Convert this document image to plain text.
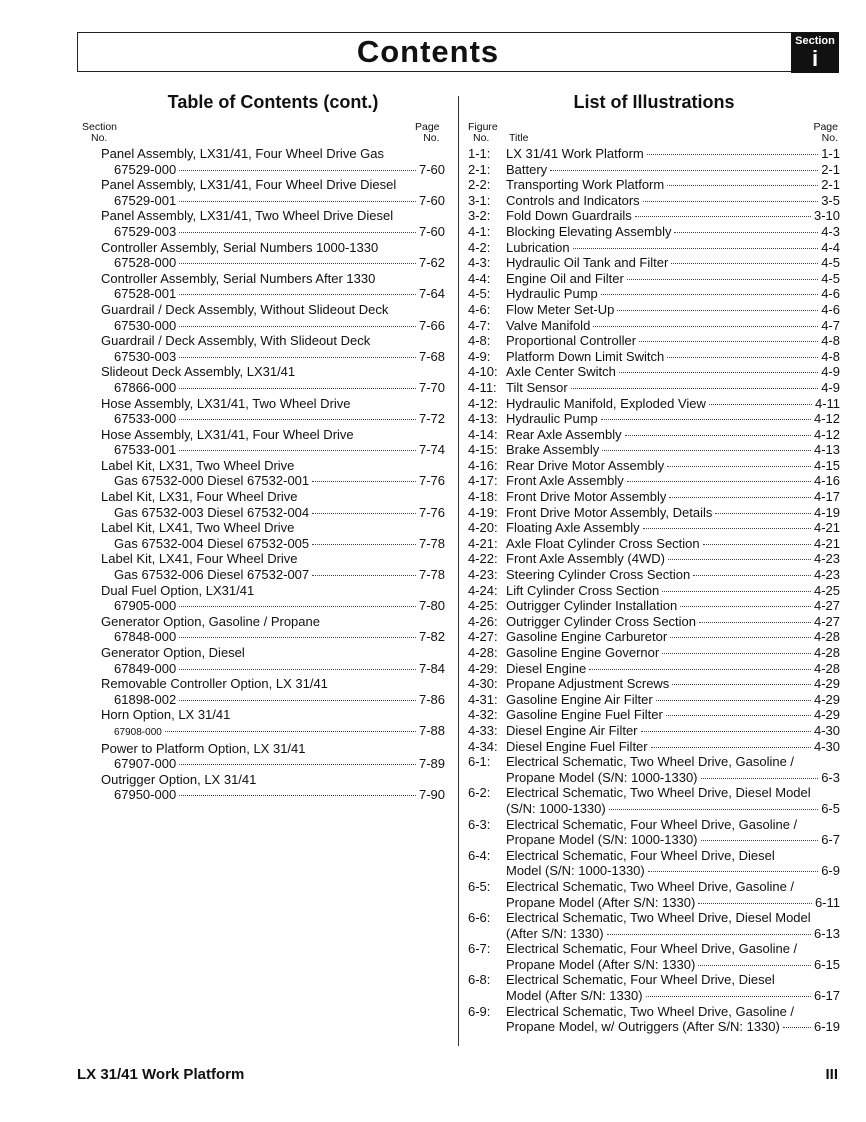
Contents	Section
i
Table of Contents (cont.)	List of Illustrations
Section
No.
Page
No.
Figure
No.	Title
Page
No.
Panel Assembly, LX31/41, Four Wheel Drive Gas
67529-000	7-60
Panel Assembly, LX31/41, Four Wheel Drive Diesel
67529-001	7-60
Panel Assembly, LX31/41, Two Wheel Drive Diesel
67529-003	7-60
Controller Assembly, Serial Numbers 1000-1330
67528-000	7-62
Controller Assembly, Serial Numbers After 1330
67528-001	7-64
Guardrail / Deck Assembly, Without Slideout Deck
67530-000	7-66
Guardrail / Deck Assembly, With Slideout Deck
67530-003	7-68
Slideout Deck Assembly, LX31/41
67866-000	7-70
Hose Assembly, LX31/41, Two Wheel Drive
67533-000	7-72
Hose Assembly, LX31/41, Four Wheel Drive
67533-001	7-74
Label Kit, LX31, Two Wheel Drive
Gas 67532-000 Diesel 67532-001	7-76
Label Kit, LX31, Four Wheel Drive
Gas 67532-003 Diesel 67532-004	7-76
Label Kit, LX41, Two Wheel Drive
Gas 67532-004 Diesel 67532-005	7-78
Label Kit, LX41, Four Wheel Drive
Gas 67532-006 Diesel 67532-007	7-78
Dual Fuel Option, LX31/41
67905-000	7-80
Generator Option, Gasoline / Propane
67848-000	7-82
Generator Option, Diesel
67849-000	7-84
Removable Controller Option, LX 31/41
61898-002	7-86
Horn Option, LX 31/41
67908-000	7-88
Power to Platform Option, LX 31/41
67907-000	7-89
Outrigger Option, LX 31/41
67950-000	7-90
1-1:	LX 31/41 Work Platform	1-1
2-1:	Battery	2-1
2-2:	Transporting Work Platform	2-1
3-1:	Controls and Indicators	3-5
3-2:	Fold Down Guardrails	3-10
4-1:	Blocking Elevating Assembly	4-3
4-2:	Lubrication	4-4
4-3:	Hydraulic Oil Tank and Filter	4-5
4-4:	Engine Oil and Filter	4-5
4-5:	Hydraulic Pump	4-6
4-6:	Flow Meter Set-Up	4-6
4-7:	Valve Manifold	4-7
4-8:	Proportional Controller	4-8
4-9:	Platform Down Limit Switch	4-8
4-10: Axle Center Switch	4-9
4-11: Tilt Sensor	4-9
4-12: Hydraulic Manifold, Exploded View	4-11
4-13: Hydraulic Pump	4-12
4-14: Rear Axle Assembly	4-12
4-15: Brake Assembly	4-13
4-16: Rear Drive Motor Assembly	4-15
4-17: Front Axle Assembly	4-16
4-18: Front Drive Motor Assembly	4-17
4-19: Front Drive Motor Assembly, Details	4-19
4-20: Floating Axle Assembly	4-21
4-21: Axle Float Cylinder Cross Section	4-21
4-22: Front Axle Assembly (4WD)	4-23
4-23: Steering Cylinder Cross Section	4-23
4-24: Lift Cylinder Cross Section	4-25
4-25: Outrigger Cylinder Installation	4-27
4-26: Outrigger Cylinder Cross Section	4-27
4-27: Gasoline Engine Carburetor	4-28
4-28: Gasoline Engine Governor	4-28
4-29: Diesel Engine	4-28
4-30: Propane Adjustment Screws	4-29
4-31: Gasoline Engine Air Filter	4-29
4-32: Gasoline Engine Fuel Filter	4-29
4-33: Diesel Engine Air Filter	4-30
4-34: Diesel Engine Fuel Filter	4-30
6-1:	Electrical Schematic, Two Wheel Drive, Gasoline /
Propane Model (S/N: 1000-1330)	6-3
6-2:	Electrical Schematic, Two Wheel Drive, Diesel Model
(S/N: 1000-1330)	6-5
6-3:	Electrical Schematic, Four Wheel Drive, Gasoline /
Propane Model (S/N: 1000-1330)	6-7
6-4:	Electrical Schematic, Four Wheel Drive, Diesel
Model (S/N: 1000-1330)	6-9
6-5:	Electrical Schematic, Two Wheel Drive, Gasoline /
Propane Model (After S/N: 1330)	6-11
6-6:	Electrical Schematic, Two Wheel Drive, Diesel Model
(After S/N: 1330)	6-13
6-7:	Electrical Schematic, Four Wheel Drive, Gasoline /
Propane Model (After S/N: 1330)	6-15
6-8:	Electrical Schematic, Four Wheel Drive, Diesel
Model (After S/N: 1330)	6-17
6-9:	Electrical Schematic, Two Wheel Drive, Gasoline /
Propane Model, w/ Outriggers (After S/N: 1330)	6-19
LX 31/41 Work Platform	III
